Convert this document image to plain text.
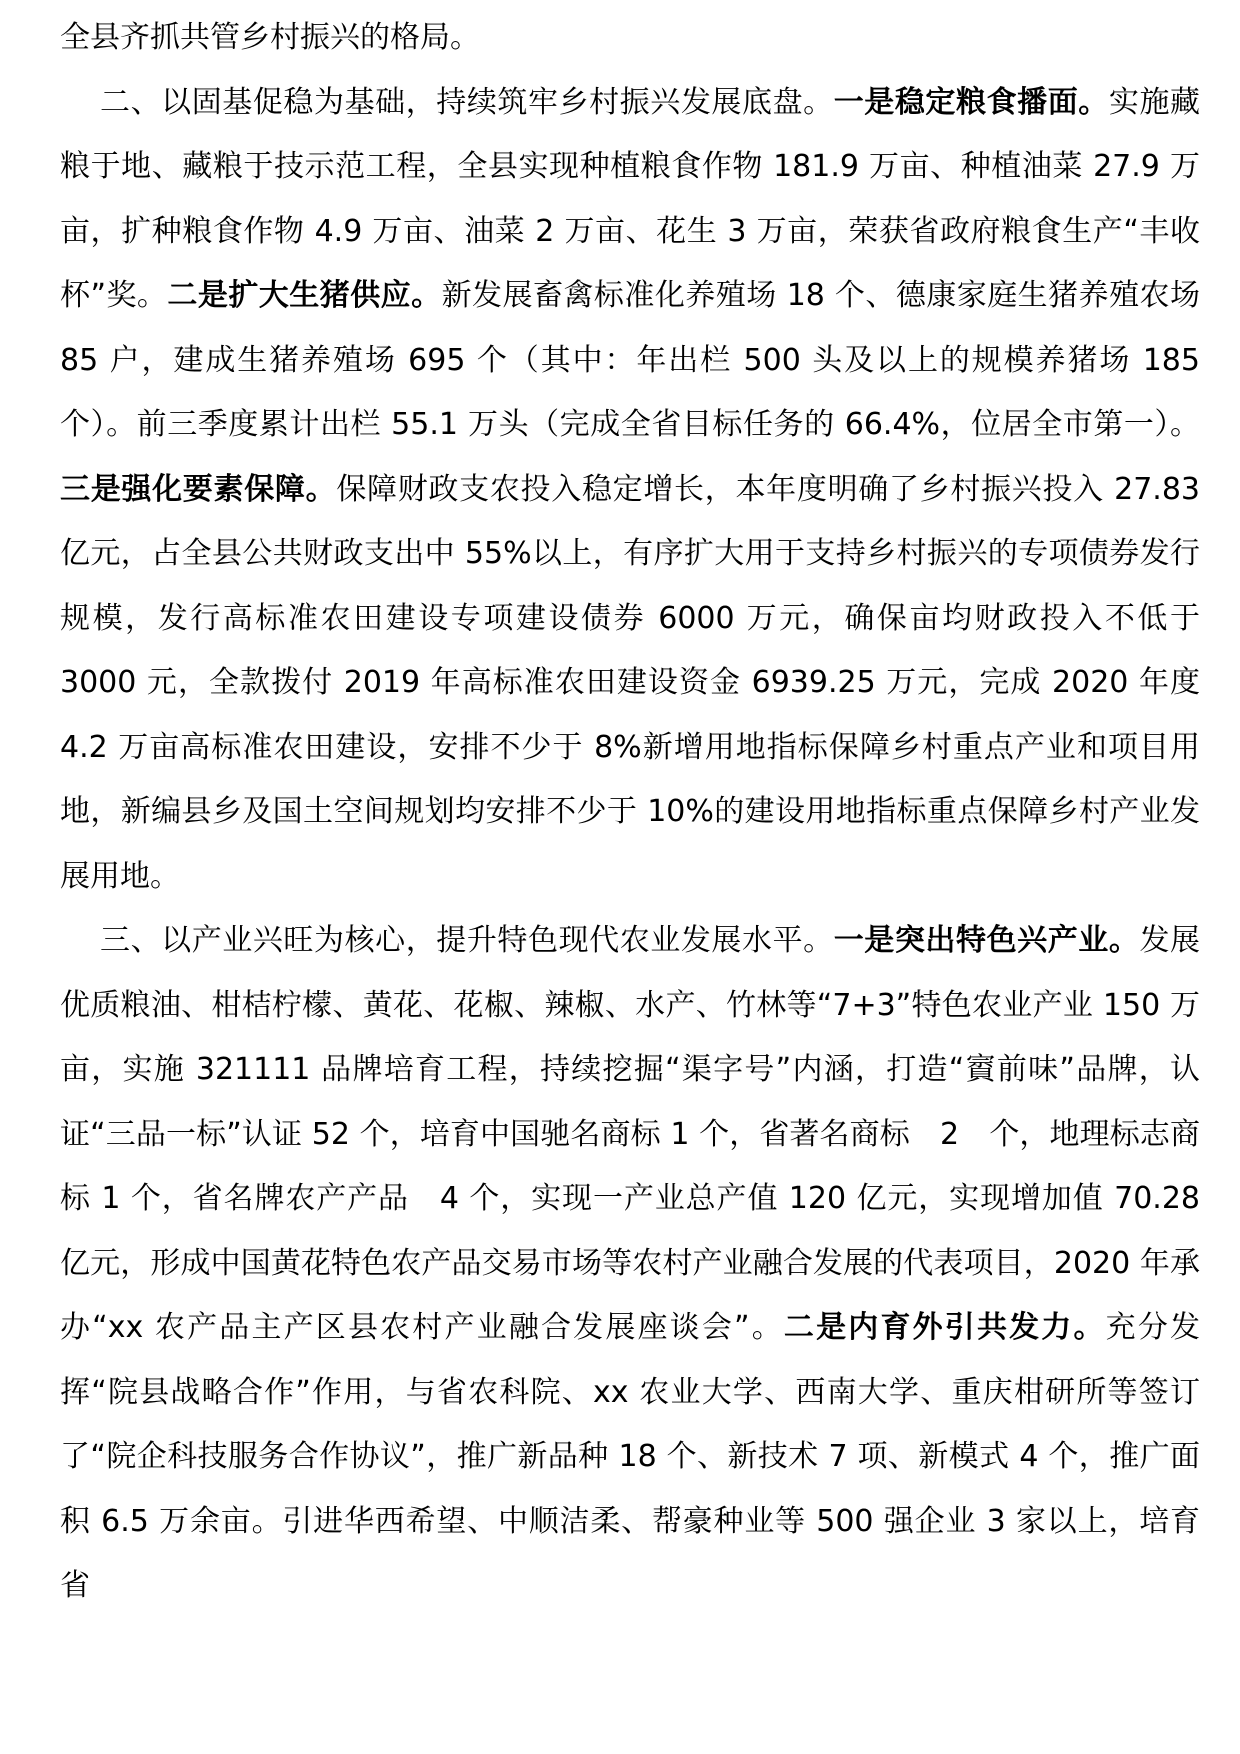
全县齐抓共管乡村振兴的格局。

二、以固基促稳为基础，持续筑牢乡村振兴发展底盘。一是稳定粮食播面。实施藏粮于地、藏粮于技示范工程，全县实现种植粮食作物 181.9 万亩、种植油菜 27.9 万亩，扩种粮食作物 4.9 万亩、油菜 2 万亩、花生 3 万亩，荣获省政府粮食生产“丰收杯”奖。二是扩大生猪供应。新发展畜禽标准化养殖场 18 个、德康家庭生猪养殖农场 85 户，建成生猪养殖场 695 个（其中：年出栏 500 头及以上的规模养猪场 185 个）。前三季度累计出栏 55.1 万头（完成全省目标任务的 66.4%，位居全市第一）。三是强化要素保障。保障财政支农投入稳定增长，本年度明确了乡村振兴投入 27.83 亿元，占全县公共财政支出中 55%以上，有序扩大用于支持乡村振兴的专项债券发行规模，发行高标准农田建设专项建设债券 6000 万元，确保亩均财政投入不低于 3000 元，全款拨付 2019 年高标准农田建设资金 6939.25 万元，完成 2020 年度 4.2 万亩高标准农田建设，安排不少于 8%新增用地指标保障乡村重点产业和项目用地，新编县乡及国土空间规划均安排不少于 10%的建设用地指标重点保障乡村产业发展用地。

三、以产业兴旺为核心，提升特色现代农业发展水平。一是突出特色兴产业。发展优质粮油、柑桔柠檬、黄花、花椒、辣椒、水产、竹林等“7+3”特色农业产业 150 万亩，实施 321111 品牌培育工程，持续挖掘“渠字号”内涵，打造“賨前味”品牌，认证“三品一标”认证 52 个，培育中国驰名商标 1 个，省著名商标　2　个，地理标志商标 1 个，省名牌农产产品　4 个，实现一产业总产值 120 亿元，实现增加值 70.28 亿元，形成中国黄花特色农产品交易市场等农村产业融合发展的代表项目，2020 年承办“xx 农产品主产区县农村产业融合发展座谈会”。二是内育外引共发力。充分发挥“院县战略合作”作用，与省农科院、xx 农业大学、西南大学、重庆柑研所等签订了“院企科技服务合作协议”，推广新品种 18 个、新技术 7 项、新模式 4 个，推广面积 6.5 万余亩。引进华西希望、中顺洁柔、帮豪种业等 500 强企业 3 家以上，培育省
